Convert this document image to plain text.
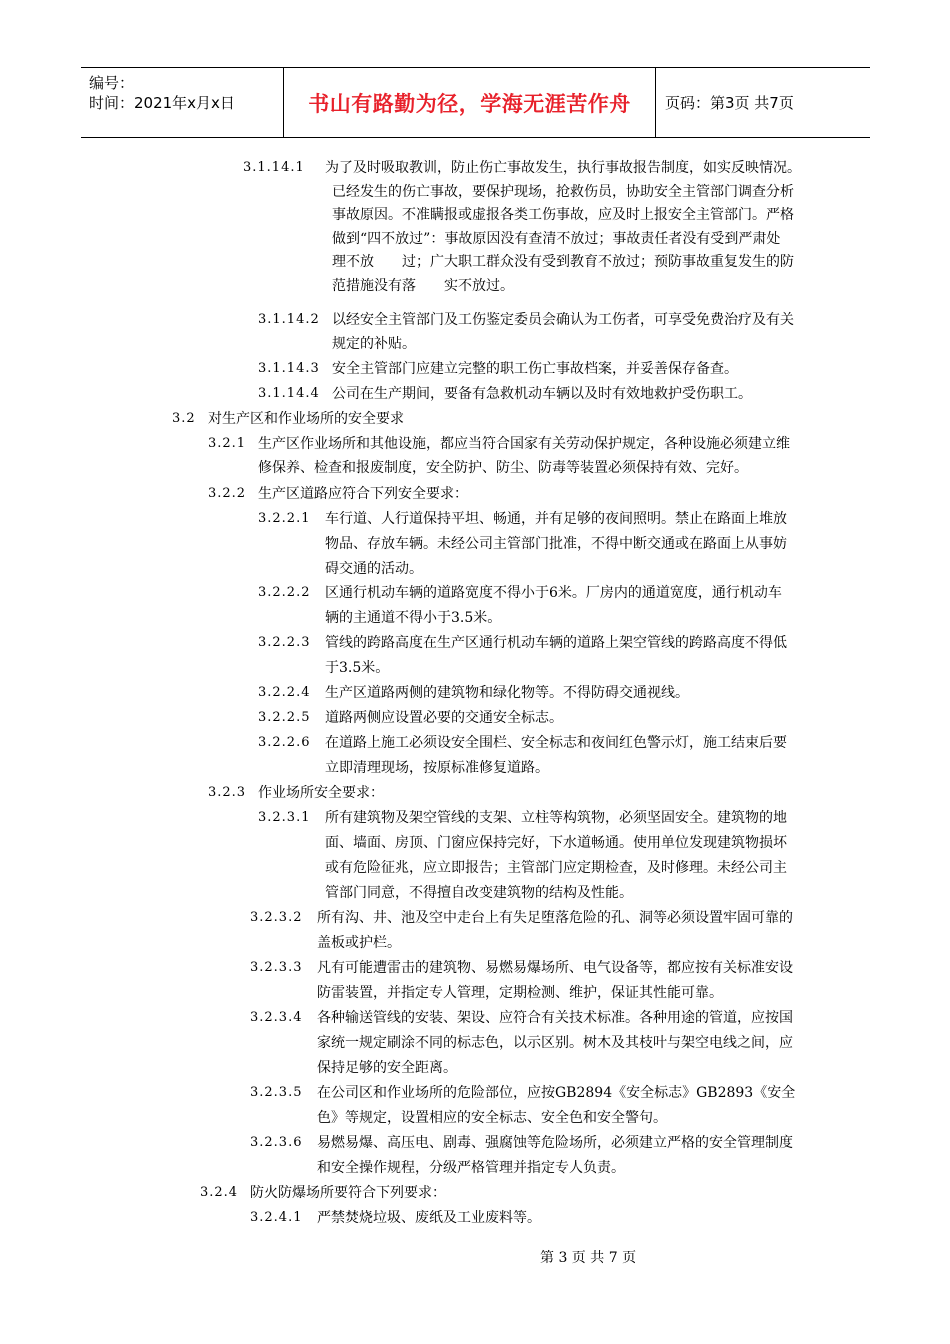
编号：
时间：2021年x月x日	书山有路勤为径，学海无涯苦作舟	页码：第3页 共7页
3.1.14.1 为了及时吸取教训，防止伤亡事故发生，执行事故报告制度，如实反映情况。
已经发生的伤亡事故，要保护现场，抢救伤员，协助安全主管部门调查分析
事故原因。不准瞒报或虚报各类工伤事故，应及时上报安全主管部门。严格
做到“四不放过”：事故原因没有查清不放过；事故责任者没有受到严肃处
理不放　　过；广大职工群众没有受到教育不放过；预防事故重复发生的防
范措施没有落　　实不放过。
3.1.14.2 以经安全主管部门及工伤鉴定委员会确认为工伤者，可享受免费治疗及有关
规定的补贴。
3.1.14.3 安全主管部门应建立完整的职工伤亡事故档案，并妥善保存备查。
3.1.14.4 公司在生产期间，要备有急救机动车辆以及时有效地救护受伤职工。
3.2 对生产区和作业场所的安全要求
3.2.1 生产区作业场所和其他设施，都应当符合国家有关劳动保护规定，各种设施必须建立维
修保养、检查和报废制度，安全防护、防尘、防毒等装置必须保持有效、完好。
3.2.2 生产区道路应符合下列安全要求：
3.2.2.1 车行道、人行道保持平坦、畅通，并有足够的夜间照明。禁止在路面上堆放
物品、存放车辆。未经公司主管部门批准，不得中断交通或在路面上从事妨
碍交通的活动。
3.2.2.2 区通行机动车辆的道路宽度不得小于6米。厂房内的通道宽度，通行机动车
辆的主通道不得小于3.5米。
3.2.2.3 管线的跨路高度在生产区通行机动车辆的道路上架空管线的跨路高度不得低
于3.5米。
3.2.2.4 生产区道路两侧的建筑物和绿化物等。不得防碍交通视线。
3.2.2.5 道路两侧应设置必要的交通安全标志。
3.2.2.6 在道路上施工必须设安全围栏、安全标志和夜间红色警示灯，施工结束后要
立即清理现场，按原标准修复道路。
3.2.3 作业场所安全要求：
3.2.3.1 所有建筑物及架空管线的支架、立柱等构筑物，必须坚固安全。建筑物的地
面、墙面、房顶、门窗应保持完好，下水道畅通。使用单位发现建筑物损坏
或有危险征兆，应立即报告；主管部门应定期检查，及时修理。未经公司主
管部门同意，不得擅自改变建筑物的结构及性能。
3.2.3.2 所有沟、井、池及空中走台上有失足堕落危险的孔、洞等必须设置牢固可靠的
盖板或护栏。
3.2.3.3 凡有可能遭雷击的建筑物、易燃易爆场所、电气设备等，都应按有关标准安设
防雷装置，并指定专人管理，定期检测、维护，保证其性能可靠。
3.2.3.4 各种输送管线的安装、架设、应符合有关技术标准。各种用途的管道，应按国
家统一规定刷涂不同的标志色，以示区别。树木及其枝叶与架空电线之间，应
保持足够的安全距离。
3.2.3.5 在公司区和作业场所的危险部位，应按GB2894《安全标志》GB2893《安全
色》等规定，设置相应的安全标志、安全色和安全警句。
3.2.3.6 易燃易爆、高压电、剧毒、强腐蚀等危险场所，必须建立严格的安全管理制度
和安全操作规程，分级严格管理并指定专人负责。
3.2.4 防火防爆场所要符合下列要求：
3.2.4.1 严禁焚烧垃圾、废纸及工业废料等。
第 3 页 共 7 页
